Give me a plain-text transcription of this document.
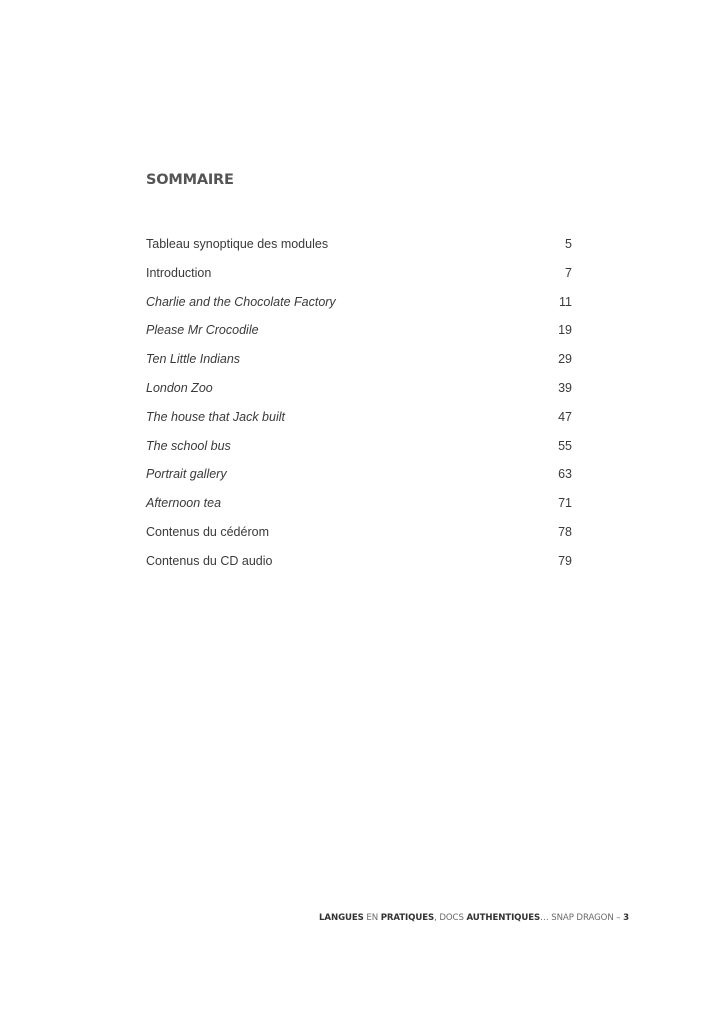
SOMMAIRE
Tableau synoptique des modules	5
Introduction	7
Charlie and the Chocolate Factory	11
Please Mr Crocodile	19
Ten Little Indians	29
London Zoo	39
The house that Jack built	47
The school bus	55
Portrait gallery	63
Afternoon tea	71
Contenus du cédérom	78
Contenus du CD audio	79
LANGUES EN PRATIQUES, DOCS AUTHENTIQUES… SNAP DRAGON – 3
